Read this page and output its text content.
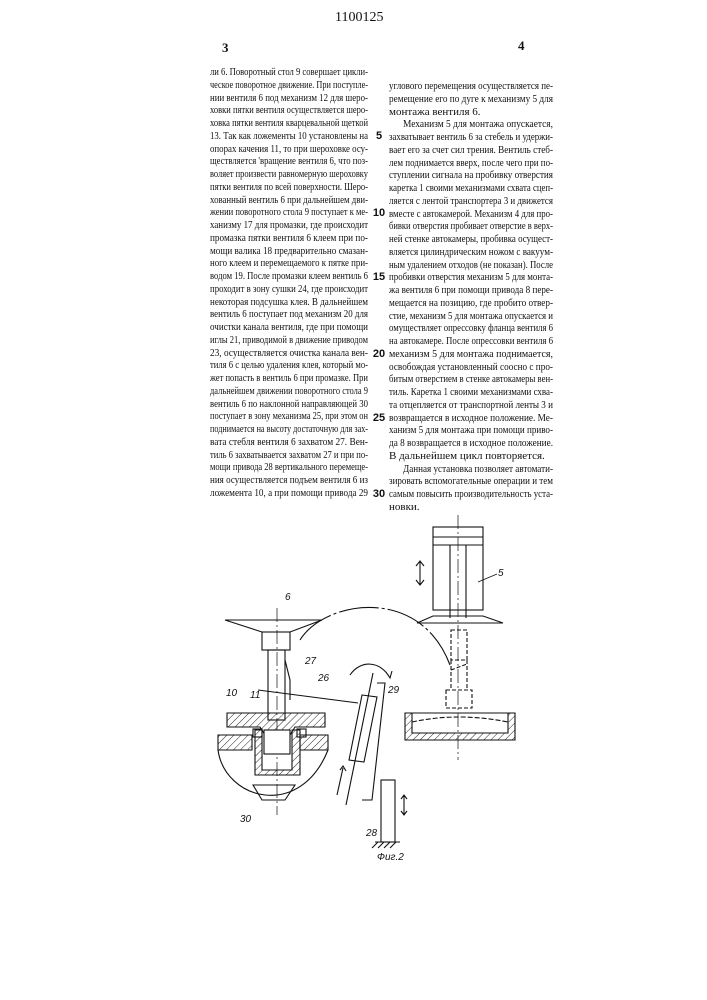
3
1100125
4
ли 6. Поворотный стол 9 совершает цикли-
ческое поворотное движение. При поступле-
нии вентиля 6 под механизм 12 для шеро-
ховки пятки вентиля осуществляется шеро-
ховка пятки вентиля кварцевальной щеткой
13. Так как ложементы 10 установлены на
опорах качения 11, то при шероховке осу-
ществляется 'вращение вентиля 6, что поз-
воляет произвести равномерную шероховку
пятки вентиля по всей поверхности. Шеро-
хованный вентиль 6 при дальнейшем дви-
жении поворотного стола 9 поступает к ме-
ханизму 17 для промазки, где происходит
промазка пятки вентиля 6 клеем при по-
мощи валика 18 предварительно смазан-
ного клеем и перемещаемого к пятке при-
водом 19. После промазки клеем вентиль 6
проходит в зону сушки 24, где происходит
некоторая подсушка клея. В дальнейшем
вентиль 6 поступает под механизм 20 для
очистки канала вентиля, где при помощи
иглы 21, приводимой в движение приводом
23, осуществляется очистка канала вен-
тиля 6 с целью удаления клея, который мо-
жет попасть в вентиль 6 при промазке. При
дальнейшем движении поворотного стола 9
вентиль 6 по наклонной направляющей 30
поступает в зону механизма 25, при этом он
поднимается на высоту достаточную для зах-
вата стебля вентиля 6 захватом 27. Вен-
тиль 6 захватывается захватом 27 и при по-
мощи привода 28 вертикального перемеще-
ния осуществляется подъем вентиля 6 из
ложемента 10, а при помощи привода 29
углового перемещения осуществляется пе-
ремещение его по дуге к механизму 5 для
монтажа вентиля 6.
Механизм 5 для монтажа опускается,
захватывает вентиль 6 за стебель и удержи-
вает его за счет сил трения. Вентиль стеб-
лем поднимается вверх, после чего при по-
ступлении сигнала на пробивку отверстия
каретка 1 своими механизмами схвата сцеп-
ляется с лентой транспортера 3 и движется
вместе с автокамерой. Механизм 4 для про-
бивки отверстия пробивает отверстие в верх-
ней стенке автокамеры, пробивка осущест-
вляется цилиндрическим ножом с вакуум-
ным удалением отходов (не показан). После
пробивки отверстия механизм 5 для монта-
жа вентиля 6 при помощи привода 8 пере-
мещается на позицию, где пробито отвер-
стие, механизм 5 для монтажа опускается и
омуществляет опрессовку фланца вентиля 6
на автокамере. После опрессовки вентиля 6
механизм 5 для монтажа поднимается,
освобождая установленный соосно с про-
битым отверстием в стенке автокамеры вен-
тиль. Каретка 1 своими механизмами схва-
та отцепляется от транспортной ленты 3 и
возвращается в исходное положение. Ме-
ханизм 5 для монтажа при помощи приво-
да 8 возвращается в исходное положение.
В дальнейшем цикл повторяется.
Данная установка позволяет автомати-
зировать вспомогательные операции и тем
самым повысить производительность уста-
новки.
5
10
15
20
25
30
6
5
27
26
29
10 11
30
28
Фиг.2
